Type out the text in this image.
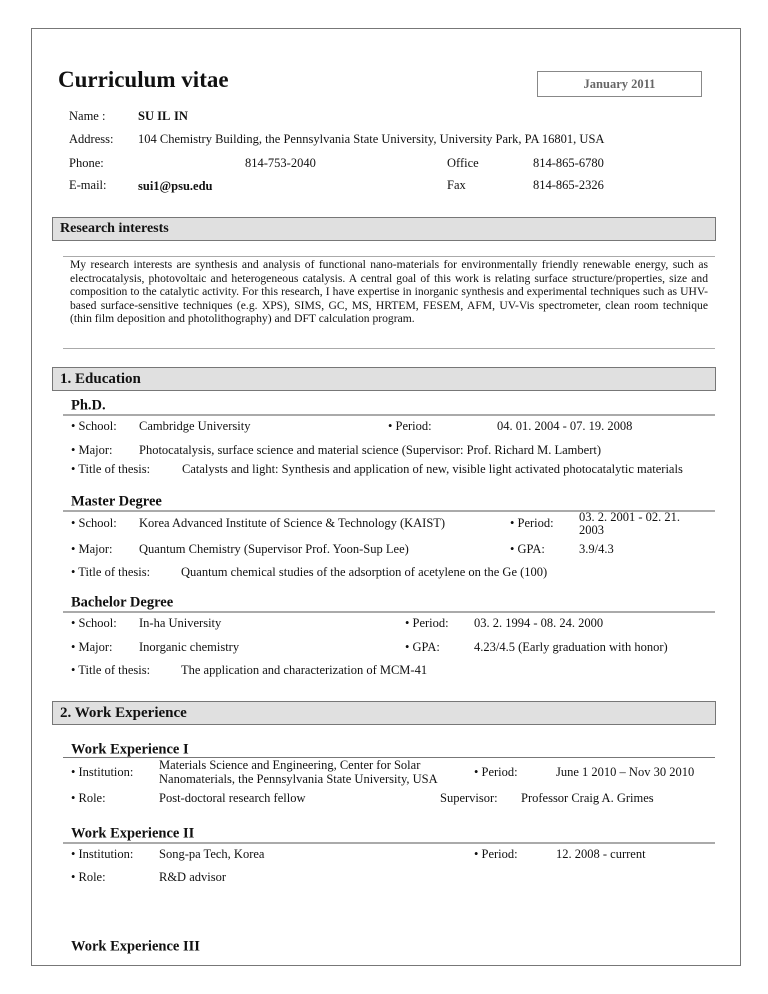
Curriculum vitae	January 2011
Name :	SU IL IN
Address: 104 Chemistry Building, the Pennsylvania State University, University Park, PA 16801, USA
Phone:	814-753-2040	Office	814-865-6780
E-mail:	sui1@psu.edu	Fax	814-865-2326
Research interests
My research interests are synthesis and analysis of functional nano-materials for environmentally friendly renewable energy, such as electrocatalysis, photovoltaic and heterogeneous catalysis. A central goal of this work is relating surface structure/properties, size and composition to the catalytic activity. For this research, I have expertise in inorganic synthesis and experimental techniques such as UHV-based surface-sensitive techniques (e.g. XPS), SIMS, GC, MS, HRTEM, FESEM, AFM, UV-Vis spectrometer, clean room technique (thin film deposition and photolithography) and DFT calculation program.
1. Education
Ph.D.
• School: Cambridge University	• Period:	04. 01. 2004 - 07. 19. 2008
• Major: Photocatalysis, surface science and material science (Supervisor: Prof. Richard M. Lambert)
• Title of thesis:	Catalysts and light: Synthesis and application of new, visible light activated photocatalytic materials
Master Degree
• School: Korea Advanced Institute of Science & Technology (KAIST)	• Period: 03. 2. 2001 - 02. 21.
2003
• Major: Quantum Chemistry (Supervisor Prof. Yoon-Sup Lee)	• GPA:	3.9/4.3
• Title of thesis: Quantum chemical studies of the adsorption of acetylene on the Ge (100)
Bachelor Degree
• School: In-ha University	• Period: 03. 2. 1994 - 08. 24. 2000
• Major: Inorganic chemistry	• GPA:	4.23/4.5 (Early graduation with honor)
• Title of thesis: The application and characterization of MCM-41
2. Work Experience
Work Experience I
• Institution: Materials Science and Engineering, Center for Solar
Nanomaterials, the Pennsylvania State University, USA	• Period:	June 1 2010 – Nov 30 2010
• Role:	Post-doctoral research fellow	Supervisor: Professor Craig A. Grimes
Work Experience II
• Institution: Song-pa Tech, Korea	• Period:	12. 2008 - current
• Role:	R&D advisor
Work Experience III
